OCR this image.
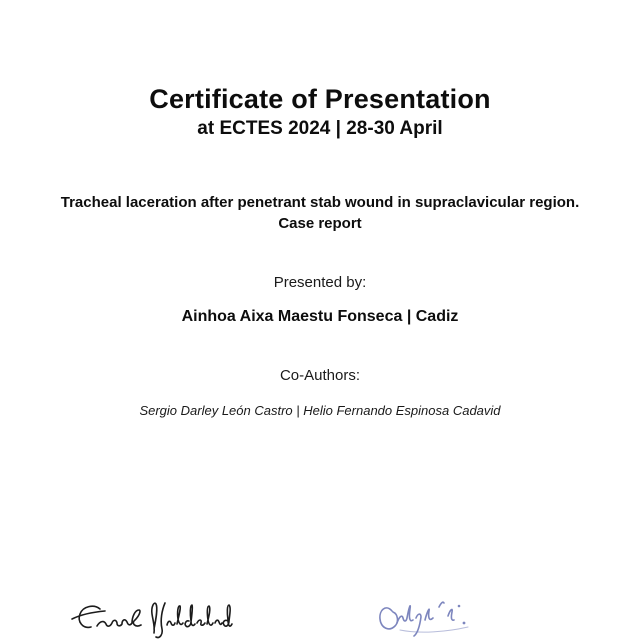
Certificate of Presentation
at ECTES 2024 | 28-30 April
Tracheal laceration after penetrant stab wound in supraclavicular region. Case report
Presented by:
Ainhoa Aixa Maestu Fonseca | Cadiz
Co-Authors:
Sergio Darley León Castro | Helio Fernando Espinosa Cadavid
